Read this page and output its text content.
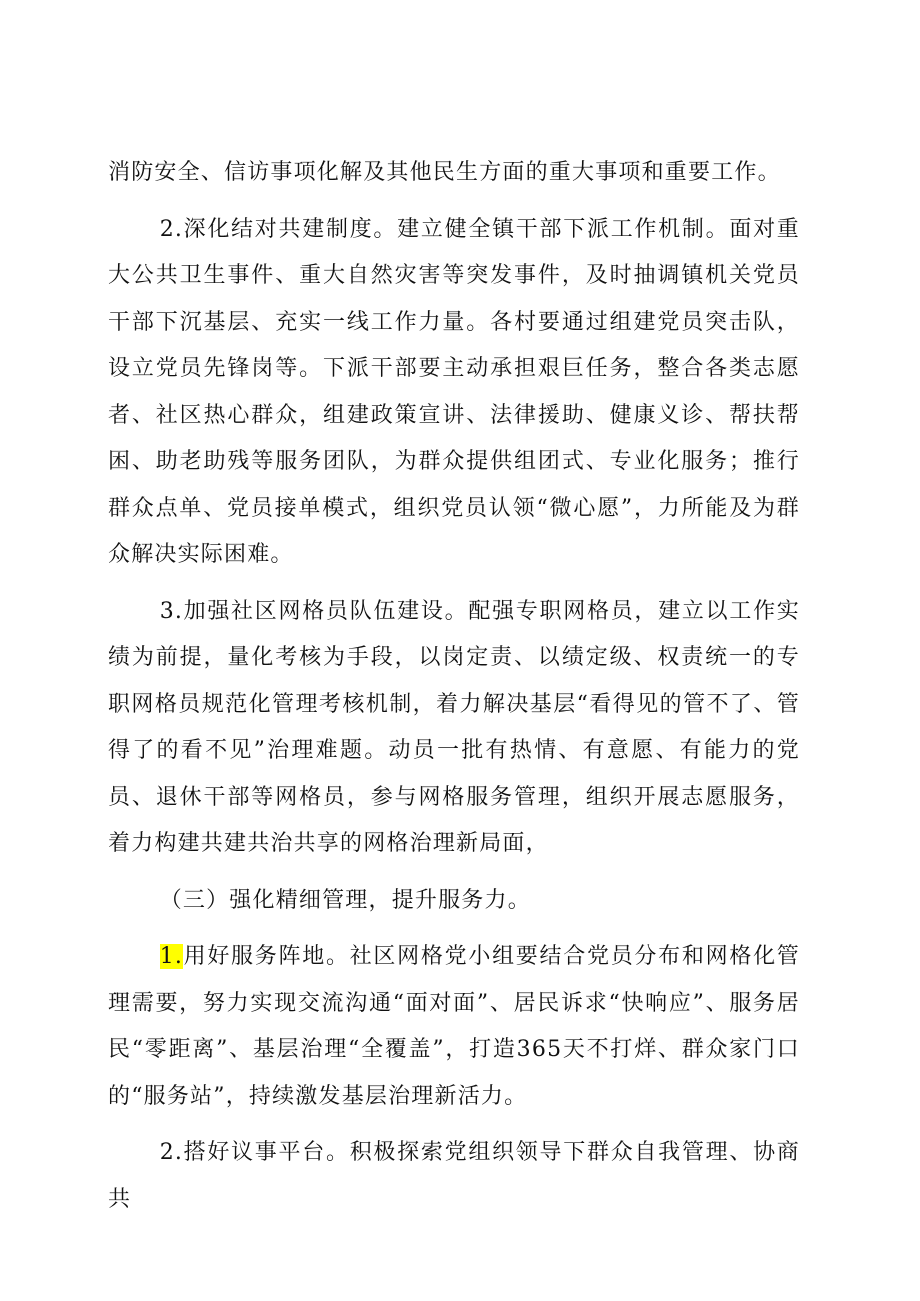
消防安全、信访事项化解及其他民生方面的重大事项和重要工作。

2.深化结对共建制度。建立健全镇干部下派工作机制。面对重大公共卫生事件、重大自然灾害等突发事件，及时抽调镇机关党员干部下沉基层、充实一线工作力量。各村要通过组建党员突击队，设立党员先锋岗等。下派干部要主动承担艰巨任务，整合各类志愿者、社区热心群众，组建政策宣讲、法律援助、健康义诊、帮扶帮困、助老助残等服务团队，为群众提供组团式、专业化服务；推行群众点单、党员接单模式，组织党员认领“微心愿”，力所能及为群众解决实际困难。

3.加强社区网格员队伍建设。配强专职网格员，建立以工作实绩为前提，量化考核为手段，以岗定责、以绩定级、权责统一的专职网格员规范化管理考核机制，着力解决基层“看得见的管不了、管得了的看不见”治理难题。动员一批有热情、有意愿、有能力的党员、退休干部等网格员，参与网格服务管理，组织开展志愿服务，着力构建共建共治共享的网格治理新局面，

（三）强化精细管理，提升服务力。

1.用好服务阵地。社区网格党小组要结合党员分布和网格化管理需要，努力实现交流沟通“面对面”、居民诉求“快响应”、服务居民“零距离”、基层治理“全覆盖”，打造365天不打烊、群众家门口的“服务站”，持续激发基层治理新活力。

2.搭好议事平台。积极探索党组织领导下群众自我管理、协商共
